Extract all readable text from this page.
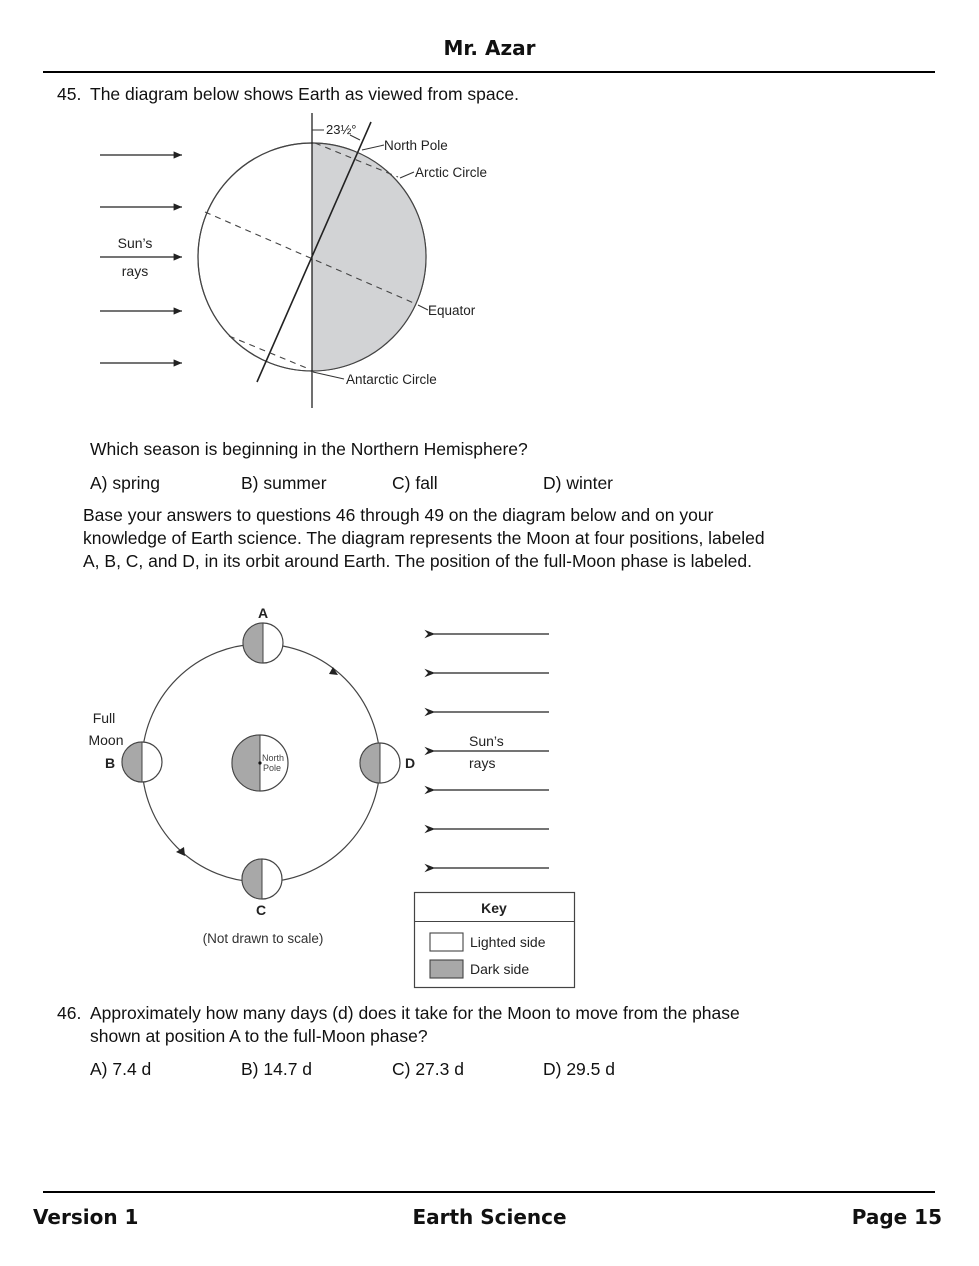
Mr. Azar
45. The diagram below shows Earth as viewed from space.
Sun’s
rays
23½°
North Pole
Arctic Circle
Equator
Antarctic Circle
Which season is beginning in the Northern Hemisphere?
A) spring	B) summer	C) fall	D) winter
Base your answers to questions 46 through 49 on the diagram below and on your
knowledge of Earth science. The diagram represents the Moon at four positions, labeled
A, B, C, and D, in its orbit around Earth. The position of the full-Moon phase is labeled.
North
Pole
A
B
C
D
Full
Moon
(Not drawn to scale)
Sun’s
rays
Key
Lighted side
Dark side
46. Approximately how many days (d) does it take for the Moon to move from the phase
shown at position A to the full-Moon phase?
A) 7.4 d	B) 14.7 d	C) 27.3 d	D) 29.5 d
Version 1	Earth Science	Page 15
